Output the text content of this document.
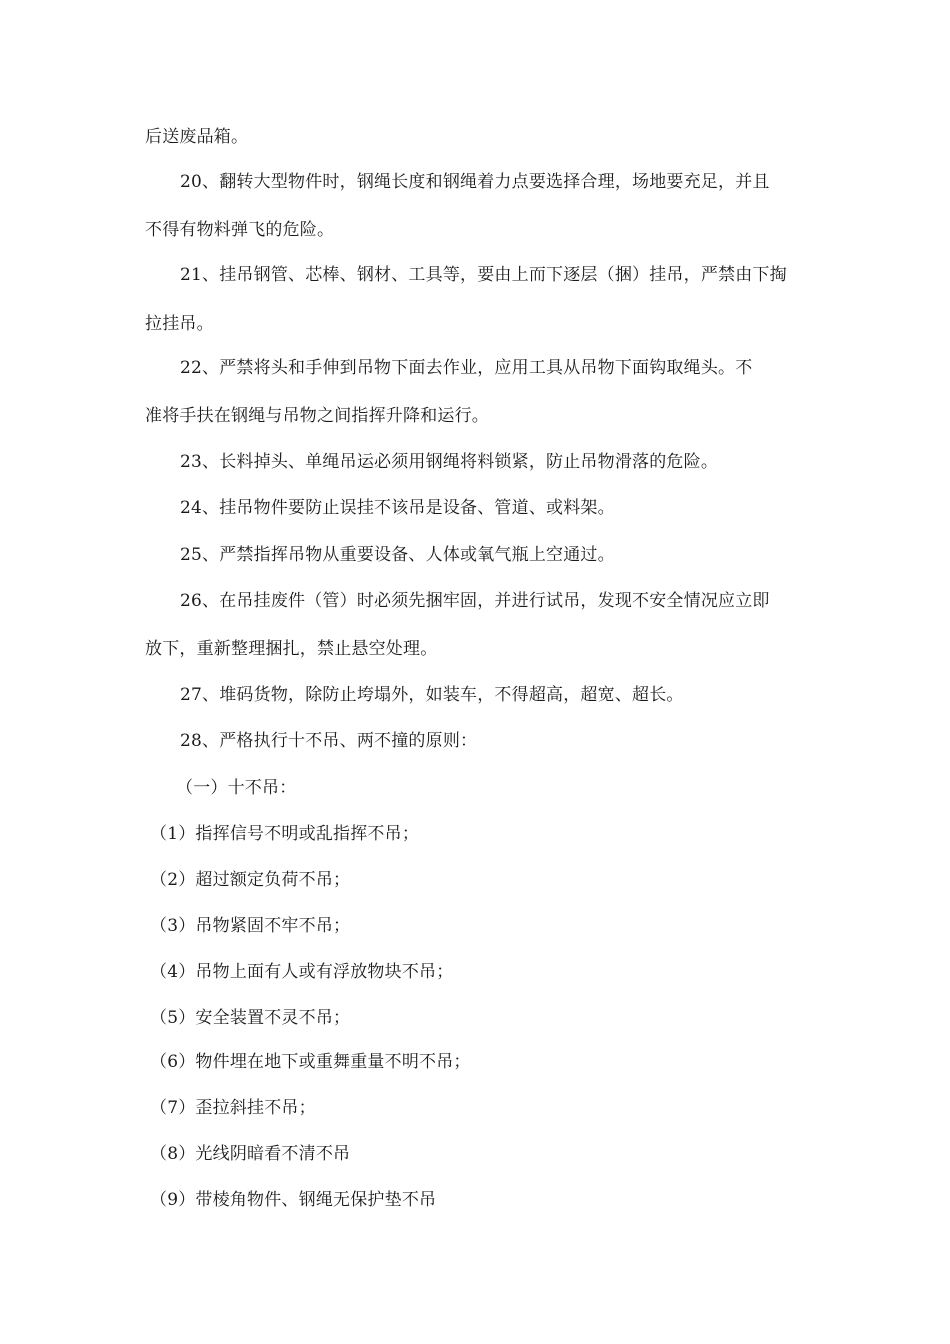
后送废品箱。
20、翻转大型物件时，钢绳长度和钢绳着力点要选择合理，场地要充足，并且
不得有物料弹飞的危险。
21、挂吊钢管、芯棒、钢材、工具等，要由上而下逐层（捆）挂吊，严禁由下掏
拉挂吊。
22、严禁将头和手伸到吊物下面去作业，应用工具从吊物下面钩取绳头。不
准将手扶在钢绳与吊物之间指挥升降和运行。
23、长料掉头、单绳吊运必须用钢绳将料锁紧，防止吊物滑落的危险。
24、挂吊物件要防止误挂不该吊是设备、管道、或料架。
25、严禁指挥吊物从重要设备、人体或氧气瓶上空通过。
26、在吊挂废件（管）时必须先捆牢固，并进行试吊，发现不安全情况应立即
放下，重新整理捆扎，禁止悬空处理。
27、堆码货物，除防止垮塌外，如装车，不得超高，超宽、超长。
28、严格执行十不吊、两不撞的原则：
（一）十不吊：
（1）指挥信号不明或乱指挥不吊；
（2）超过额定负荷不吊；
（3）吊物紧固不牢不吊；
（4）吊物上面有人或有浮放物块不吊；
（5）安全装置不灵不吊；
（6）物件埋在地下或重舞重量不明不吊；
（7）歪拉斜挂不吊；
（8）光线阴暗看不清不吊
（9）带棱角物件、钢绳无保护垫不吊
